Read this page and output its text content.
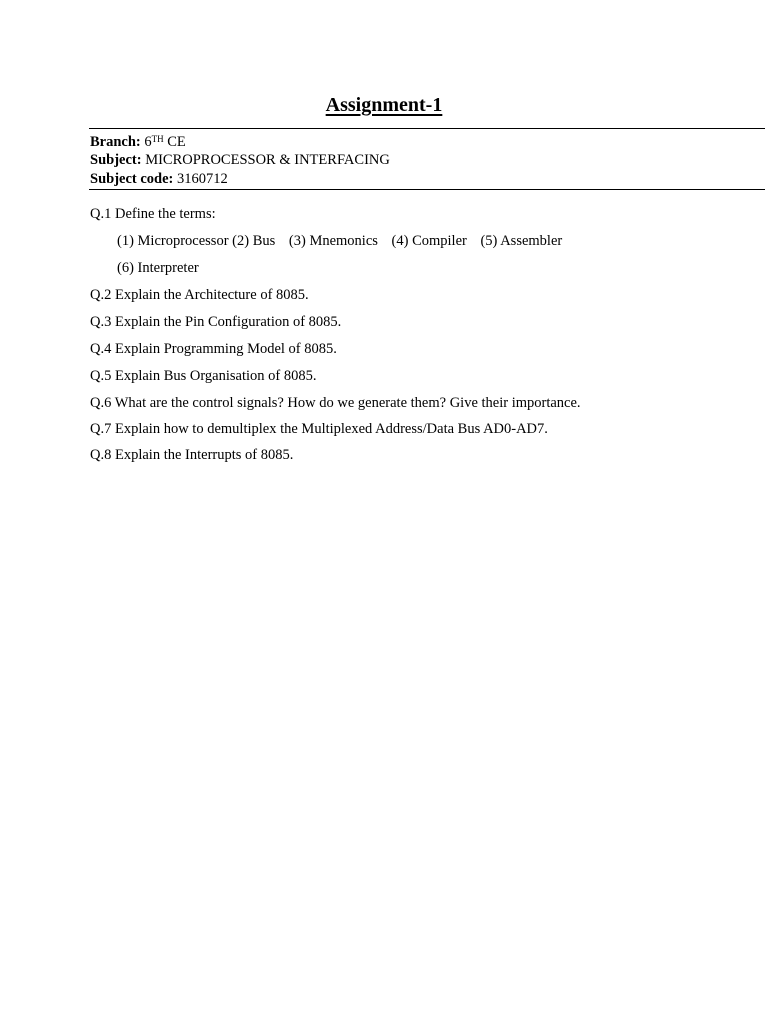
Assignment-1
Branch: 6TH CE
Subject: MICROPROCESSOR & INTERFACING
Subject code: 3160712
Q.1 Define the terms:
(1) Microprocessor (2) Bus (3) Mnemonics (4) Compiler (5) Assembler
(6) Interpreter
Q.2 Explain the Architecture of 8085.
Q.3 Explain the Pin Configuration of 8085.
Q.4 Explain Programming Model of 8085.
Q.5 Explain Bus Organisation of 8085.
Q.6 What are the control signals? How do we generate them? Give their importance.
Q.7 Explain how to demultiplex the Multiplexed Address/Data Bus AD0-AD7.
Q.8 Explain the Interrupts of 8085.
